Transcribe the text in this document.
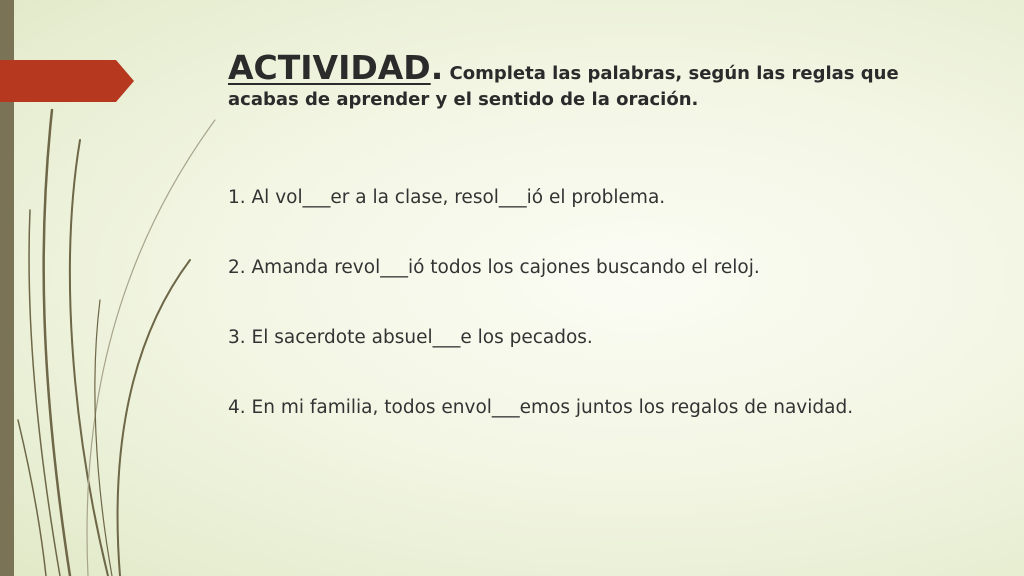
ACTIVIDAD. Completa las palabras, según las reglas que
acabas de aprender y el sentido de la oración.
1. Al vol___er a la clase, resol___ió el problema.
2. Amanda revol___ió todos los cajones buscando el reloj.
3. El sacerdote absuel___e los pecados.
4. En mi familia, todos envol___emos juntos los regalos de navidad.
